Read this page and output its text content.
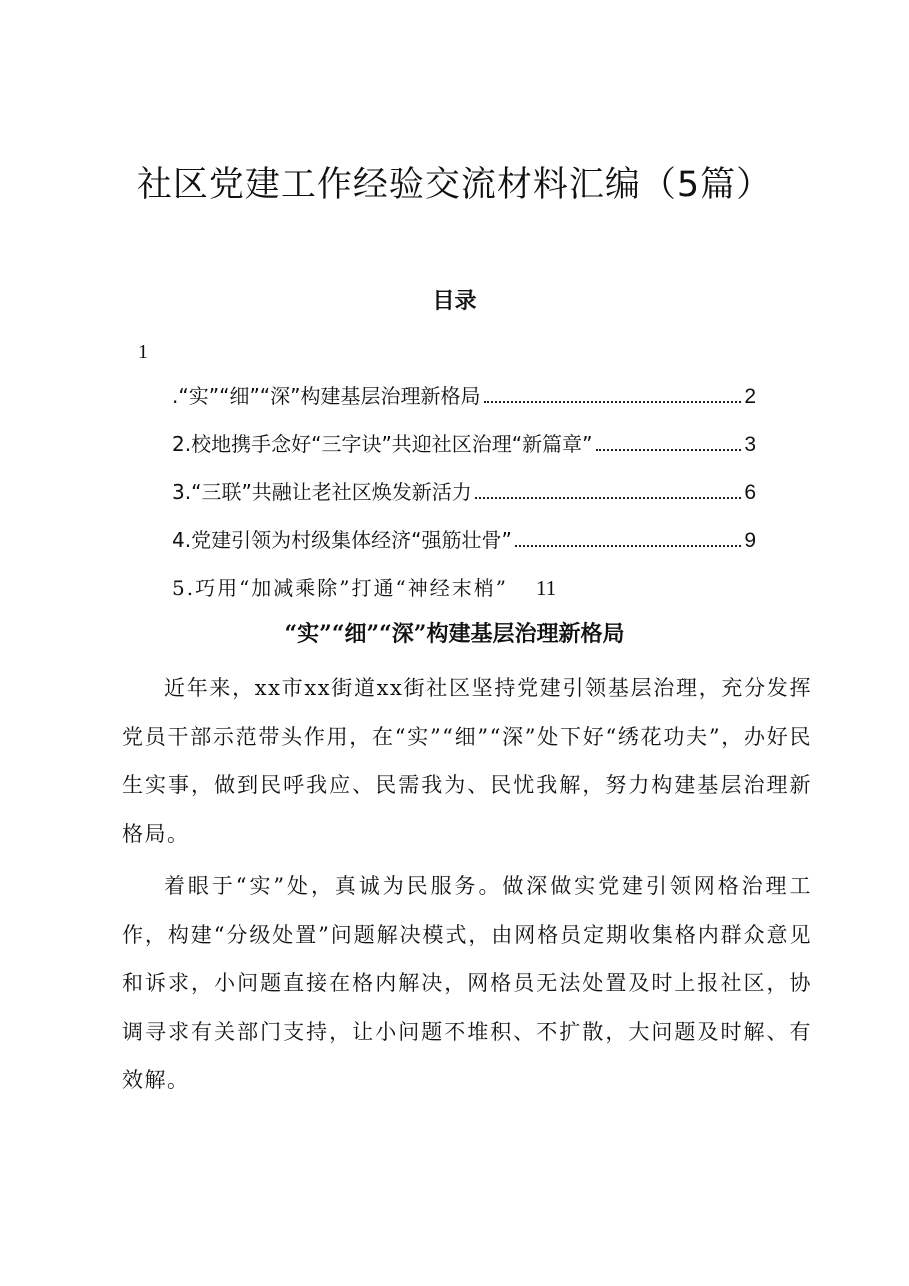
社区党建工作经验交流材料汇编（5篇）
目录
1
.“实”“细”“深”构建基层治理新格局	2
2.校地携手念好“三字诀”共迎社区治理“新篇章”	3
3.“三联”共融让老社区焕发新活力	6
4.党建引领为村级集体经济“强筋壮骨”	9
5.巧用“加减乘除”打通“神经末梢” 11
“实”“细”“深”构建基层治理新格局

近年来，xx市xx街道xx街社区坚持党建引领基层治理，充分发挥党员干部示范带头作用，在“实”“细”“深”处下好“绣花功夫”，办好民生实事，做到民呼我应、民需我为、民忧我解，努力构建基层治理新格局。

着眼于“实”处，真诚为民服务。做深做实党建引领网格治理工作，构建“分级处置”问题解决模式，由网格员定期收集格内群众意见和诉求，小问题直接在格内解决，网格员无法处置及时上报社区，协调寻求有关部门支持，让小问题不堆积、不扩散，大问题及时解、有效解。
